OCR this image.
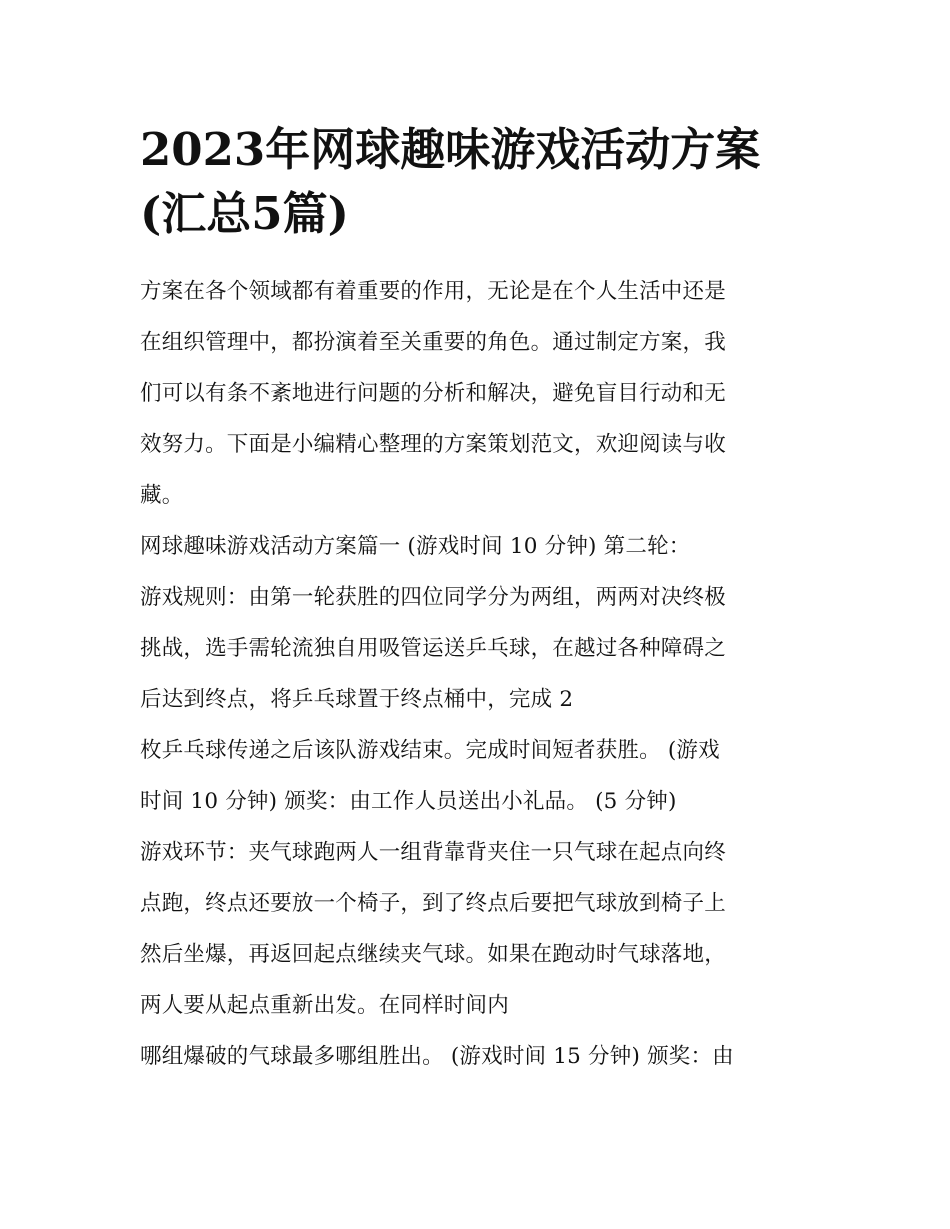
2023年网球趣味游戏活动方案
(汇总5篇)

方案在各个领域都有着重要的作用，无论是在个人生活中还是
在组织管理中，都扮演着至关重要的角色。通过制定方案，我
们可以有条不紊地进行问题的分析和解决，避免盲目行动和无
效努力。下面是小编精心整理的方案策划范文，欢迎阅读与收
藏。

网球趣味游戏活动方案篇一 (游戏时间 10 分钟) 第二轮：

游戏规则：由第一轮获胜的四位同学分为两组，两两对决终极
挑战，选手需轮流独自用吸管运送乒乓球，在越过各种障碍之
后达到终点，将乒乓球置于终点桶中，完成 2

枚乒乓球传递之后该队游戏结束。完成时间短者获胜。 (游戏
时间 10 分钟) 颁奖：由工作人员送出小礼品。 (5 分钟)

游戏环节：夹气球跑两人一组背靠背夹住一只气球在起点向终
点跑，终点还要放一个椅子，到了终点后要把气球放到椅子上
然后坐爆，再返回起点继续夹气球。如果在跑动时气球落地，
两人要从起点重新出发。在同样时间内

哪组爆破的气球最多哪组胜出。 (游戏时间 15 分钟) 颁奖：由
